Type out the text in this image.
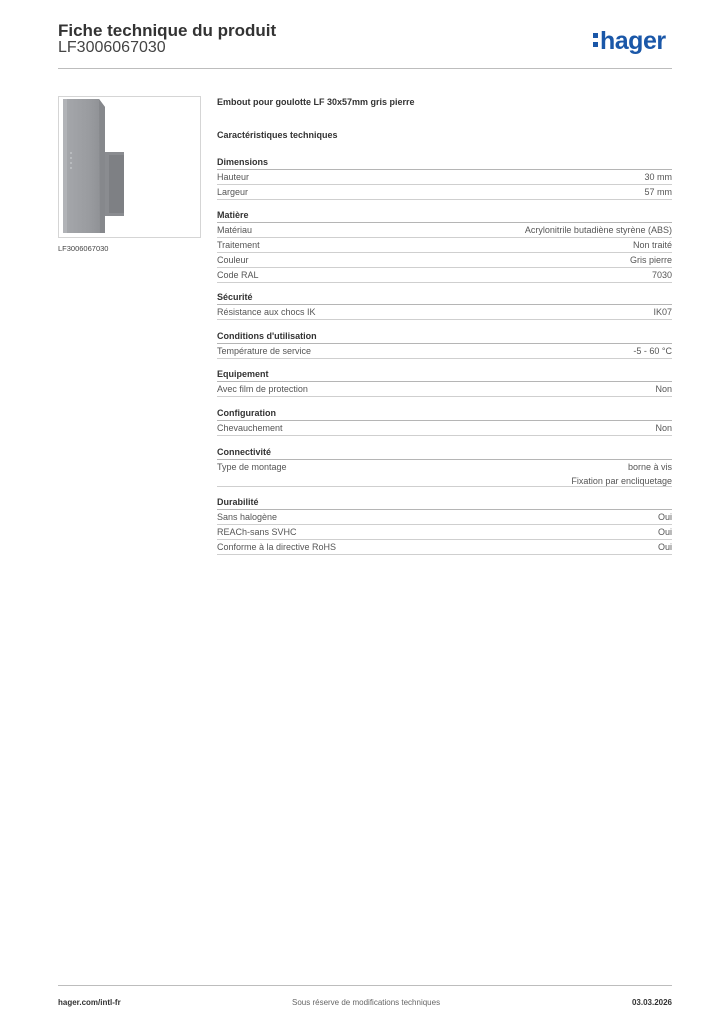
Fiche technique du produit
LF3006067030	hager
LF3006067030
Embout pour goulotte LF 30x57mm gris pierre
Caractéristiques techniques
Dimensions
Hauteur	30 mm
Largeur	57 mm
Matière
Matériau	Acrylonitrile butadiène styrène (ABS)
Traitement	Non traité
Couleur	Gris pierre
Code RAL	7030
Sécurité
Résistance aux chocs IK	IK07
Conditions d'utilisation
Température de service	-5 - 60 °C
Equipement
Avec film de protection	Non
Configuration
Chevauchement	Non
Connectivité
Type de montage	borne à vis
Fixation par encliquetage
Durabilité
Sans halogène	Oui
REACh-sans SVHC	Oui
Conforme à la directive RoHS	Oui
hager.com/intl-fr	Sous réserve de modifications techniques	03.03.2026
